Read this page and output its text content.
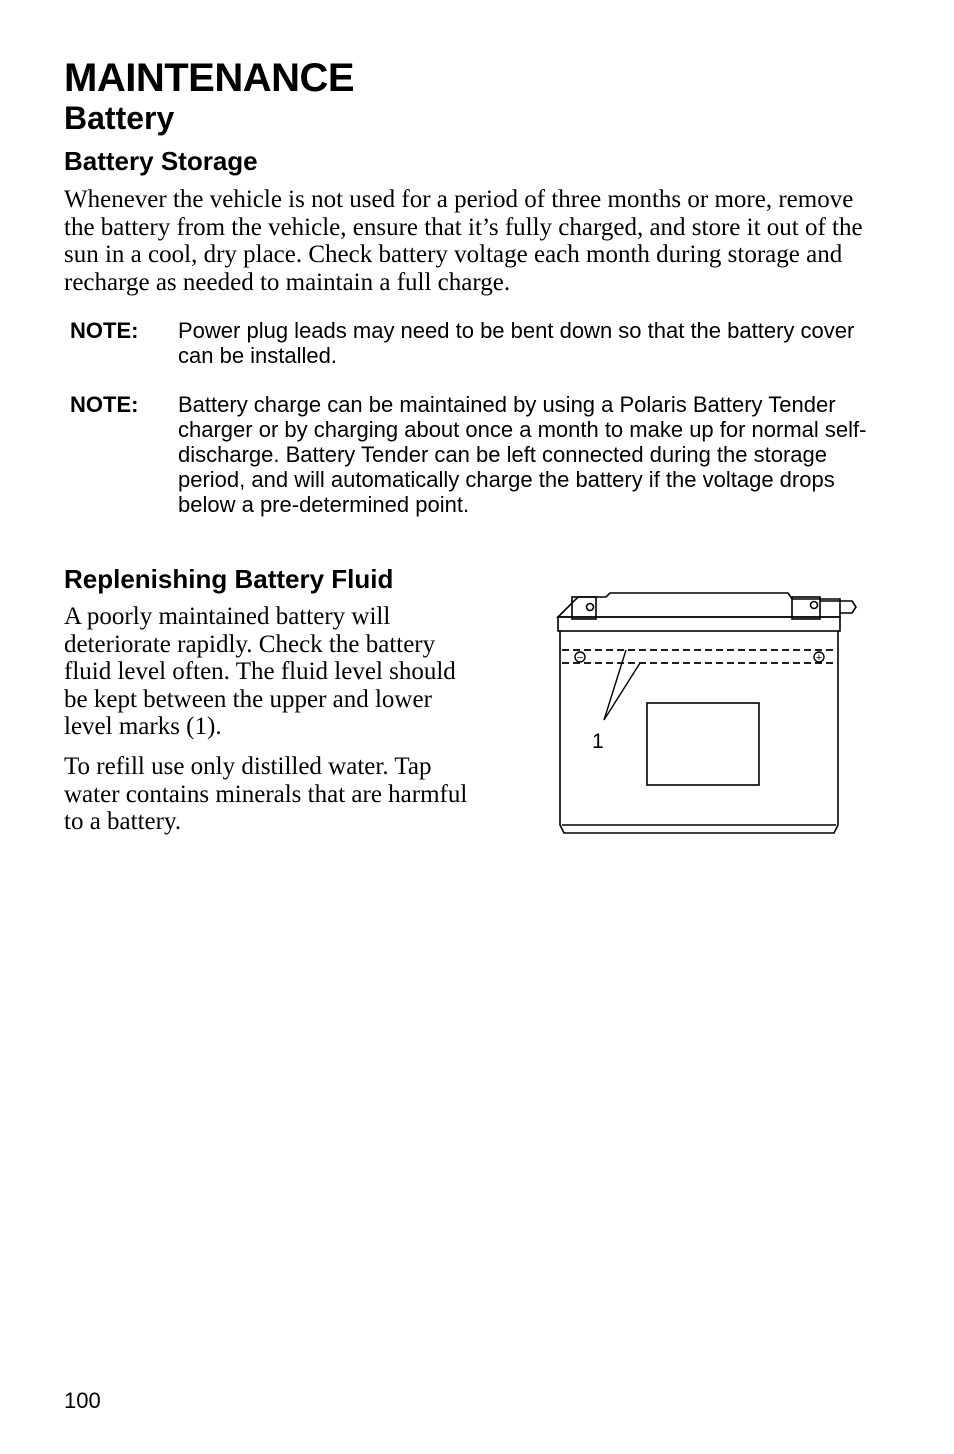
MAINTENANCE
Battery
Battery Storage

Whenever the vehicle is not used for a period of three months or more, remove the battery from the vehicle, ensure that it’s fully charged, and store it out of the sun in a cool, dry place. Check battery voltage each month during storage and recharge as needed to maintain a full charge.

NOTE: Power plug leads may need to be bent down so that the battery cover can be installed.
NOTE: Battery charge can be maintained by using a Polaris Battery Tender charger or by charging about once a month to make up for normal self-discharge. Battery Tender can be left connected during the storage period, and will automatically charge the battery if the voltage drops below a pre-determined point.
Replenishing Battery Fluid

A poorly maintained battery will deteriorate rapidly. Check the battery fluid level often. The fluid level should be kept between the upper and lower level marks (1).

To refill use only distilled water. Tap water contains minerals that are harmful to a battery.

−	+
1
100
